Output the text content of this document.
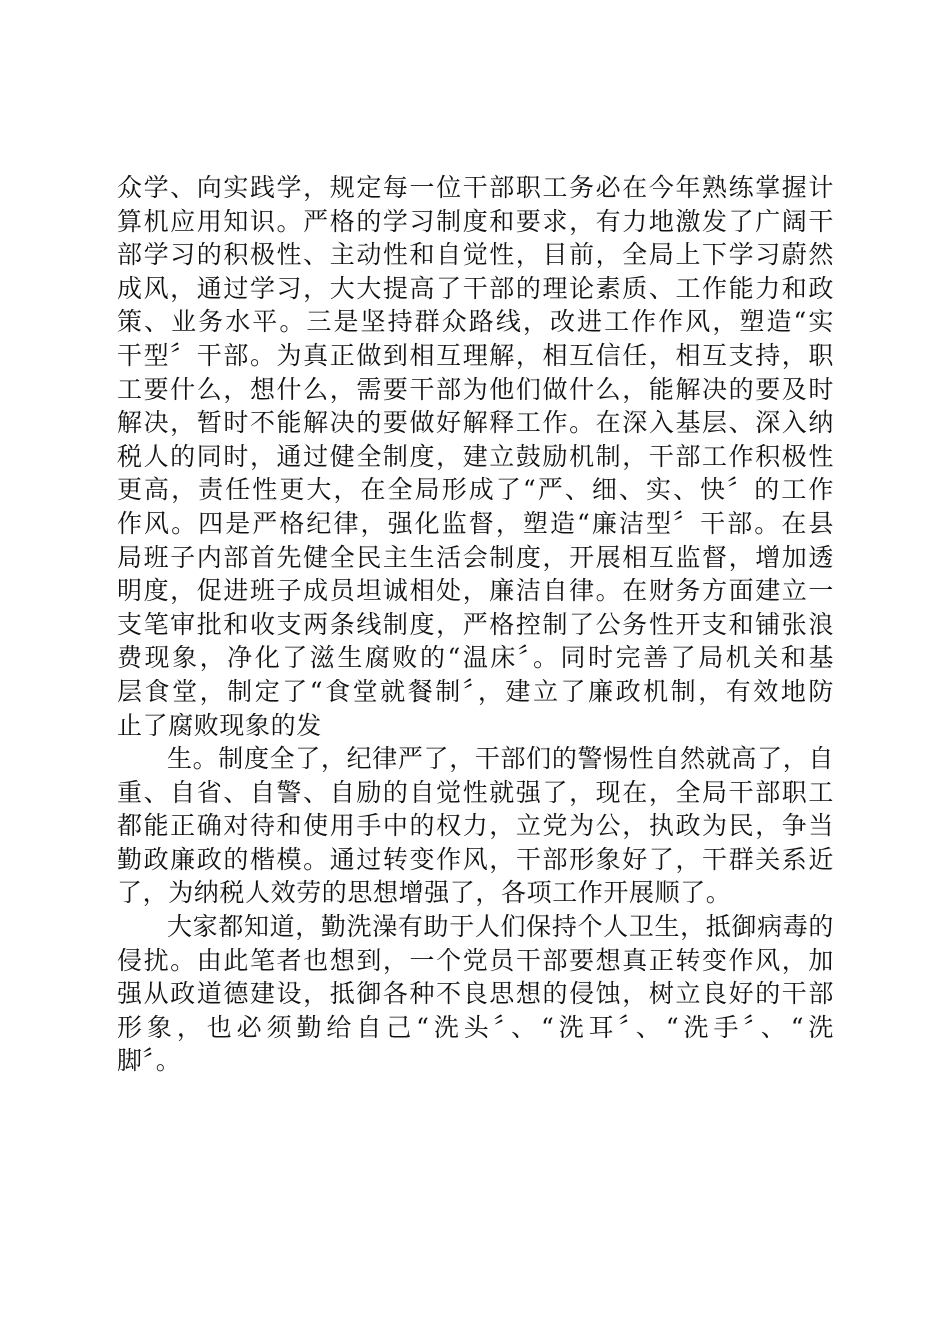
众学、向实践学，规定每一位干部职工务必在今年熟练掌握计
算机应用知识。严格的学习制度和要求，有力地激发了广阔干
部学习的积极性、主动性和自觉性，目前，全局上下学习蔚然
成风，通过学习，大大提高了干部的理论素质、工作能力和政
策、业务水平。三是坚持群众路线，改进工作作风，塑造“实
干型〞干部。为真正做到相互理解，相互信任，相互支持，职
工要什么，想什么，需要干部为他们做什么，能解决的要及时
解决，暂时不能解决的要做好解释工作。在深入基层、深入纳
税人的同时，通过健全制度，建立鼓励机制，干部工作积极性
更高，责任性更大，在全局形成了“严、细、实、快〞的工作
作风。四是严格纪律，强化监督，塑造“廉洁型〞干部。在县
局班子内部首先健全民主生活会制度，开展相互监督，增加透
明度，促进班子成员坦诚相处，廉洁自律。在财务方面建立一
支笔审批和收支两条线制度，严格控制了公务性开支和铺张浪
费现象，净化了滋生腐败的“温床〞。同时完善了局机关和基
层食堂，制定了“食堂就餐制〞，建立了廉政机制，有效地防
止了腐败现象的发
生。制度全了，纪律严了，干部们的警惕性自然就高了，自
重、自省、自警、自励的自觉性就强了，现在，全局干部职工
都能正确对待和使用手中的权力，立党为公，执政为民，争当
勤政廉政的楷模。通过转变作风，干部形象好了，干群关系近
了，为纳税人效劳的思想增强了，各项工作开展顺了。
大家都知道，勤洗澡有助于人们保持个人卫生，抵御病毒的
侵扰。由此笔者也想到，一个党员干部要想真正转变作风，加
强从政道德建设，抵御各种不良思想的侵蚀，树立良好的干部
形象，也必须勤给自己“洗头〞、“洗耳〞、“洗手〞、“洗
脚〞。
